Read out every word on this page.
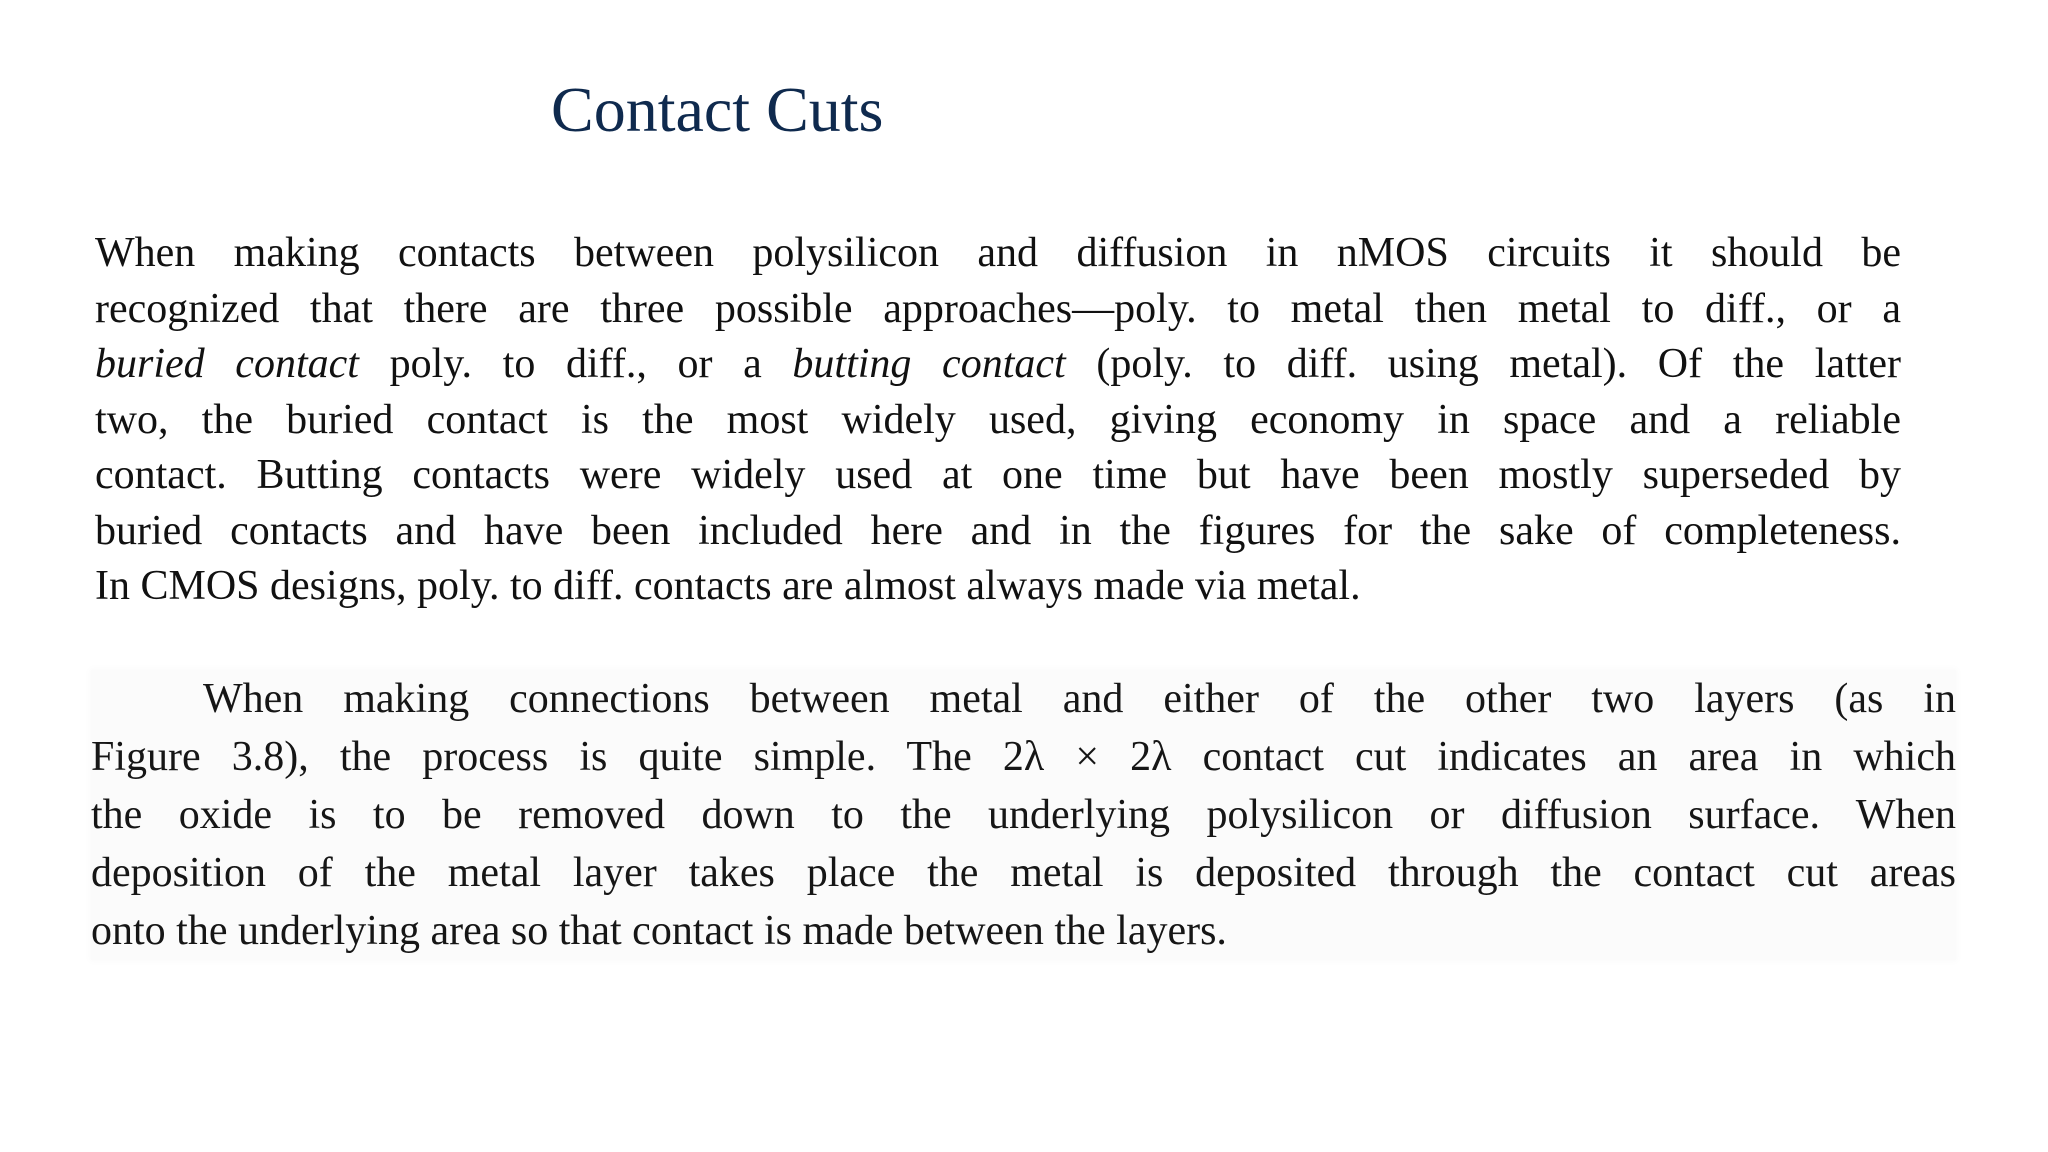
Contact Cuts
When making contacts between polysilicon and diffusion in nMOS circuits it should be
recognized that there are three possible approaches—poly. to metal then metal to diff., or a
buried contact poly. to diff., or a butting contact (poly. to diff. using metal). Of the latter
two, the buried contact is the most widely used, giving economy in space and a reliable
contact. Butting contacts were widely used at one time but have been mostly superseded by
buried contacts and have been included here and in the figures for the sake of completeness.
In CMOS designs, poly. to diff. contacts are almost always made via metal.
When making connections between metal and either of the other two layers (as in
Figure 3.8), the process is quite simple. The 2λ × 2λ contact cut indicates an area in which
the oxide is to be removed down to the underlying polysilicon or diffusion surface. When
deposition of the metal layer takes place the metal is deposited through the contact cut areas
onto the underlying area so that contact is made between the layers.
